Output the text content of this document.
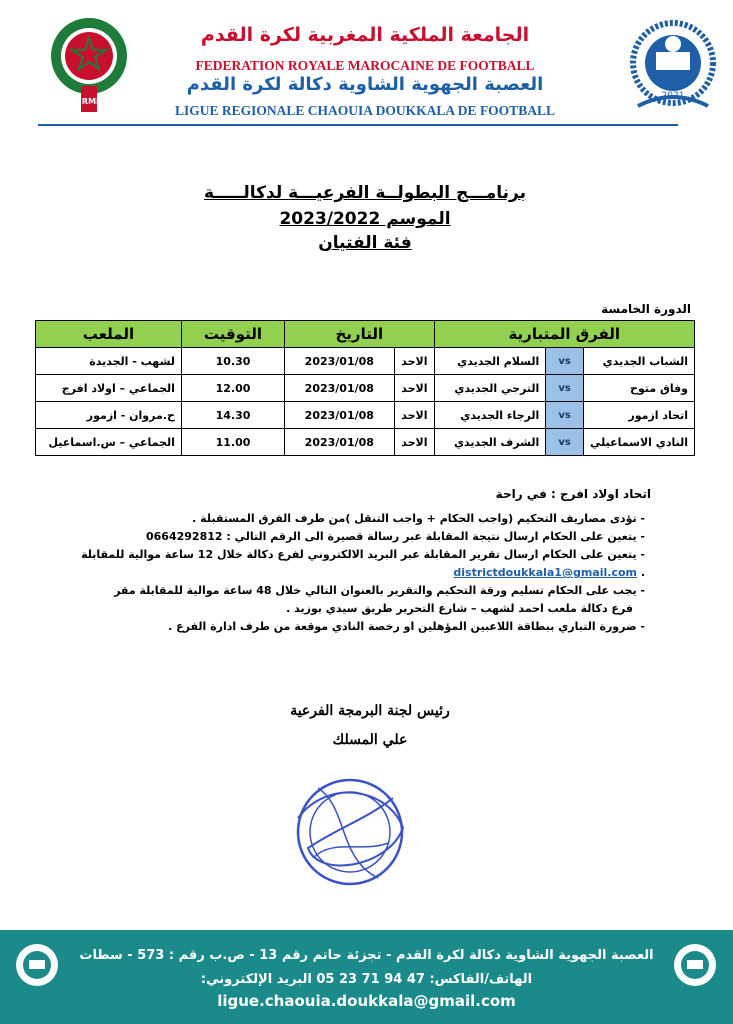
FRMF
2021
الجامعة الملكية المغربية لكرة القدم
FEDERATION ROYALE MAROCAINE DE FOOTBALL
العصبة الجهوية الشاوية دكالة لكرة القدم
LIGUE REGIONALE CHAOUIA DOUKKALA DE FOOTBALL
برنامـــج البطولــة الفرعيـــة لدكالـــــة
الموسم 2023/2022
فئة الفتيان
الدورة الخامسة
الفرق المتبارية			التاريخ		التوقيت	الملعب
الشباب الجديدي	vs	السلام الجديدي	الاحد	2023/01/08	10.30	لشهب - الجديدة
وفاق متوح	vs	الترجي الجديدي	الاحد	2023/01/08	12.00	الجماعي – اولاد افرج
اتحاد ازمور	vs	الرجاء الجديدي	الاحد	2023/01/08	14.30	ح.مروان - ازمور
النادي الاسماعيلي	vs	الشرف الجديدي	الاحد	2023/01/08	11.00	الجماعي – س.اسماعيل
اتحاد اولاد افرج : في راحة
- تؤدى مصاريف التحكيم (واجب الحكام + واجب التنقل )من طرف الفرق المستقبلة .
- يتعين على الحكام ارسال نتيجة المقابلة عبر رسالة قصيرة الى الرقم التالي : 0664292812
- يتعين على الحكام ارسال تقرير المقابلة عبر البريد الالكتروني لفرع دكالة خلال 12 ساعة موالية للمقابلة
. districtdoukkala1@gmail.com
- يجب على الحكام تسليم ورقة التحكيم والتقرير بالعنوان التالي خلال 48 ساعة موالية للمقابلة مقر
فرع دكالة ملعب احمد لشهب – شارع التحرير طريق سيدي بوزيد .
- ضرورة التباري ببطاقة اللاعبين المؤهلين او رخصة النادي موقعة من طرف ادارة الفرع .
رئيس لجنة البرمجة الفرعية
علي المسلك
العصبة الجهوية الشاوية دكالة لكرة القدم - تجزئة حاتم رقم 13 - ص.ب رقم : 573 - سطات
الهاتف/الفاكس: 47 94 71 23 05 البريد الإلكتروني:
ligue.chaouia.doukkala@gmail.com
